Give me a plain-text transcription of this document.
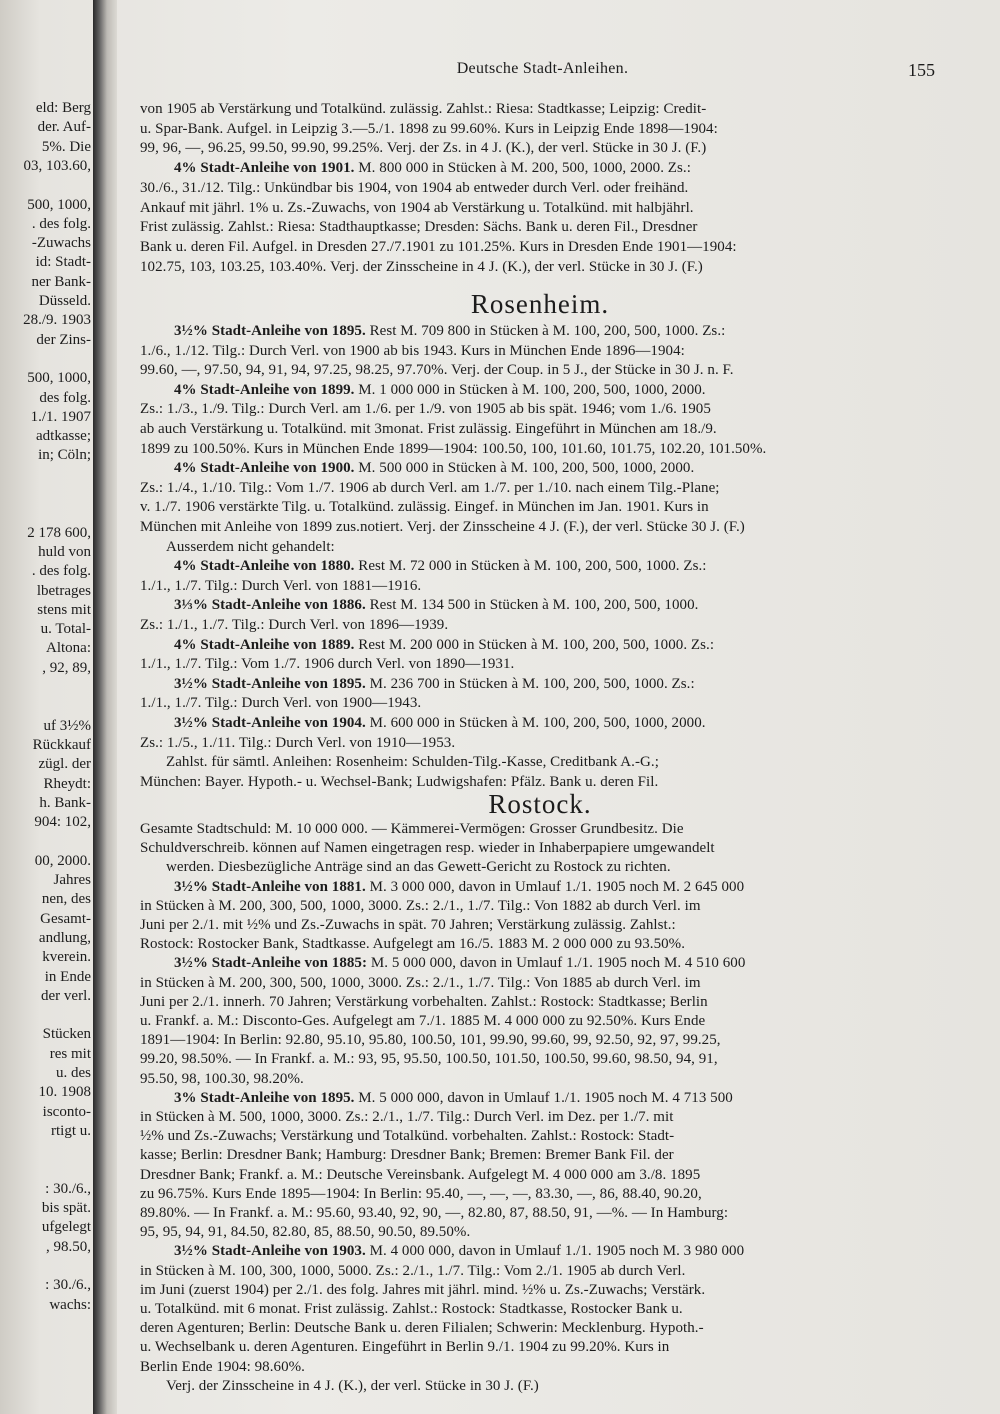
eld: Berg
der. Auf-
5%. Die
03, 103.60,
500, 1000,
. des folg.
-Zuwachs
id: Stadt-
ner Bank-
Düsseld.
28./9. 1903
der Zins-
500, 1000,
des folg.
1./1. 1907
adtkasse;
in; Cöln;
2 178 600,
huld von
. des folg.
lbetrages
stens mit
u. Total-
Altona:
, 92, 89,
uf 3½%
Rückkauf
zügl. der
Rheydt:
h. Bank-
904: 102,
00, 2000.
Jahres
nen, des
Gesamt-
andlung,
kverein.
in Ende
der verl.
Stücken
res mit
u. des
10. 1908
isconto-
rtigt u.
: 30./6.,
bis spät.
ufgelegt
, 98.50,
: 30./6.,
wachs:
Deutsche Stadt-Anleihen.	155
von 1905 ab Verstärkung und Totalkünd. zulässig. Zahlst.: Riesa: Stadtkasse; Leipzig: Credit-
u. Spar-Bank. Aufgel. in Leipzig 3.—5./1. 1898 zu 99.60%. Kurs in Leipzig Ende 1898—1904:
99, 96, —, 96.25, 99.50, 99.90, 99.25%. Verj. der Zs. in 4 J. (K.), der verl. Stücke in 30 J. (F.)
4% Stadt-Anleihe von 1901. M. 800 000 in Stücken à M. 200, 500, 1000, 2000. Zs.:
30./6., 31./12. Tilg.: Unkündbar bis 1904, von 1904 ab entweder durch Verl. oder freihänd.
Ankauf mit jährl. 1% u. Zs.-Zuwachs, von 1904 ab Verstärkung u. Totalkünd. mit halbjährl.
Frist zulässig. Zahlst.: Riesa: Stadthauptkasse; Dresden: Sächs. Bank u. deren Fil., Dresdner
Bank u. deren Fil. Aufgel. in Dresden 27./7.1901 zu 101.25%. Kurs in Dresden Ende 1901—1904:
102.75, 103, 103.25, 103.40%. Verj. der Zinsscheine in 4 J. (K.), der verl. Stücke in 30 J. (F.)
Rosenheim.
3½% Stadt-Anleihe von 1895. Rest M. 709 800 in Stücken à M. 100, 200, 500, 1000. Zs.:
1./6., 1./12. Tilg.: Durch Verl. von 1900 ab bis 1943. Kurs in München Ende 1896—1904:
99.60, —, 97.50, 94, 91, 94, 97.25, 98.25, 97.70%. Verj. der Coup. in 5 J., der Stücke in 30 J. n. F.
4% Stadt-Anleihe von 1899. M. 1 000 000 in Stücken à M. 100, 200, 500, 1000, 2000.
Zs.: 1./3., 1./9. Tilg.: Durch Verl. am 1./6. per 1./9. von 1905 ab bis spät. 1946; vom 1./6. 1905
ab auch Verstärkung u. Totalkünd. mit 3monat. Frist zulässig. Eingeführt in München am 18./9.
1899 zu 100.50%. Kurs in München Ende 1899—1904: 100.50, 100, 101.60, 101.75, 102.20, 101.50%.
4% Stadt-Anleihe von 1900. M. 500 000 in Stücken à M. 100, 200, 500, 1000, 2000.
Zs.: 1./4., 1./10. Tilg.: Vom 1./7. 1906 ab durch Verl. am 1./7. per 1./10. nach einem Tilg.-Plane;
v. 1./7. 1906 verstärkte Tilg. u. Totalkünd. zulässig. Eingef. in München im Jan. 1901. Kurs in
München mit Anleihe von 1899 zus.notiert. Verj. der Zinsscheine 4 J. (F.), der verl. Stücke 30 J. (F.)
Ausserdem nicht gehandelt:
4% Stadt-Anleihe von 1880. Rest M. 72 000 in Stücken à M. 100, 200, 500, 1000. Zs.:
1./1., 1./7. Tilg.: Durch Verl. von 1881—1916.
3⅓% Stadt-Anleihe von 1886. Rest M. 134 500 in Stücken à M. 100, 200, 500, 1000.
Zs.: 1./1., 1./7. Tilg.: Durch Verl. von 1896—1939.
4% Stadt-Anleihe von 1889. Rest M. 200 000 in Stücken à M. 100, 200, 500, 1000. Zs.:
1./1., 1./7. Tilg.: Vom 1./7. 1906 durch Verl. von 1890—1931.
3½% Stadt-Anleihe von 1895. M. 236 700 in Stücken à M. 100, 200, 500, 1000. Zs.:
1./1., 1./7. Tilg.: Durch Verl. von 1900—1943.
3½% Stadt-Anleihe von 1904. M. 600 000 in Stücken à M. 100, 200, 500, 1000, 2000.
Zs.: 1./5., 1./11. Tilg.: Durch Verl. von 1910—1953.
Zahlst. für sämtl. Anleihen: Rosenheim: Schulden-Tilg.-Kasse, Creditbank A.-G.;
München: Bayer. Hypoth.- u. Wechsel-Bank; Ludwigshafen: Pfälz. Bank u. deren Fil.
Rostock.
Gesamte Stadtschuld: M. 10 000 000. — Kämmerei-Vermögen: Grosser Grundbesitz. Die
Schuldverschreib. können auf Namen eingetragen resp. wieder in Inhaberpapiere umgewandelt
werden. Diesbezügliche Anträge sind an das Gewett-Gericht zu Rostock zu richten.
3½% Stadt-Anleihe von 1881. M. 3 000 000, davon in Umlauf 1./1. 1905 noch M. 2 645 000
in Stücken à M. 200, 300, 500, 1000, 3000. Zs.: 2./1., 1./7. Tilg.: Von 1882 ab durch Verl. im
Juni per 2./1. mit ½% und Zs.-Zuwachs in spät. 70 Jahren; Verstärkung zulässig. Zahlst.:
Rostock: Rostocker Bank, Stadtkasse. Aufgelegt am 16./5. 1883 M. 2 000 000 zu 93.50%.
3½% Stadt-Anleihe von 1885: M. 5 000 000, davon in Umlauf 1./1. 1905 noch M. 4 510 600
in Stücken à M. 200, 300, 500, 1000, 3000. Zs.: 2./1., 1./7. Tilg.: Von 1885 ab durch Verl. im
Juni per 2./1. innerh. 70 Jahren; Verstärkung vorbehalten. Zahlst.: Rostock: Stadtkasse; Berlin
u. Frankf. a. M.: Disconto-Ges. Aufgelegt am 7./1. 1885 M. 4 000 000 zu 92.50%. Kurs Ende
1891—1904: In Berlin: 92.80, 95.10, 95.80, 100.50, 101, 99.90, 99.60, 99, 92.50, 92, 97, 99.25,
99.20, 98.50%. — In Frankf. a. M.: 93, 95, 95.50, 100.50, 101.50, 100.50, 99.60, 98.50, 94, 91,
95.50, 98, 100.30, 98.20%.
3% Stadt-Anleihe von 1895. M. 5 000 000, davon in Umlauf 1./1. 1905 noch M. 4 713 500
in Stücken à M. 500, 1000, 3000. Zs.: 2./1., 1./7. Tilg.: Durch Verl. im Dez. per 1./7. mit
½% und Zs.-Zuwachs; Verstärkung und Totalkünd. vorbehalten. Zahlst.: Rostock: Stadt-
kasse; Berlin: Dresdner Bank; Hamburg: Dresdner Bank; Bremen: Bremer Bank Fil. der
Dresdner Bank; Frankf. a. M.: Deutsche Vereinsbank. Aufgelegt M. 4 000 000 am 3./8. 1895
zu 96.75%. Kurs Ende 1895—1904: In Berlin: 95.40, —, —, —, 83.30, —, 86, 88.40, 90.20,
89.80%. — In Frankf. a. M.: 95.60, 93.40, 92, 90, —, 82.80, 87, 88.50, 91, —%. — In Hamburg:
95, 95, 94, 91, 84.50, 82.80, 85, 88.50, 90.50, 89.50%.
3½% Stadt-Anleihe von 1903. M. 4 000 000, davon in Umlauf 1./1. 1905 noch M. 3 980 000
in Stücken à M. 100, 300, 1000, 5000. Zs.: 2./1., 1./7. Tilg.: Vom 2./1. 1905 ab durch Verl.
im Juni (zuerst 1904) per 2./1. des folg. Jahres mit jährl. mind. ½% u. Zs.-Zuwachs; Verstärk.
u. Totalkünd. mit 6 monat. Frist zulässig. Zahlst.: Rostock: Stadtkasse, Rostocker Bank u.
deren Agenturen; Berlin: Deutsche Bank u. deren Filialen; Schwerin: Mecklenburg. Hypoth.-
u. Wechselbank u. deren Agenturen. Eingeführt in Berlin 9./1. 1904 zu 99.20%. Kurs in
Berlin Ende 1904: 98.60%.
Verj. der Zinsscheine in 4 J. (K.), der verl. Stücke in 30 J. (F.)
